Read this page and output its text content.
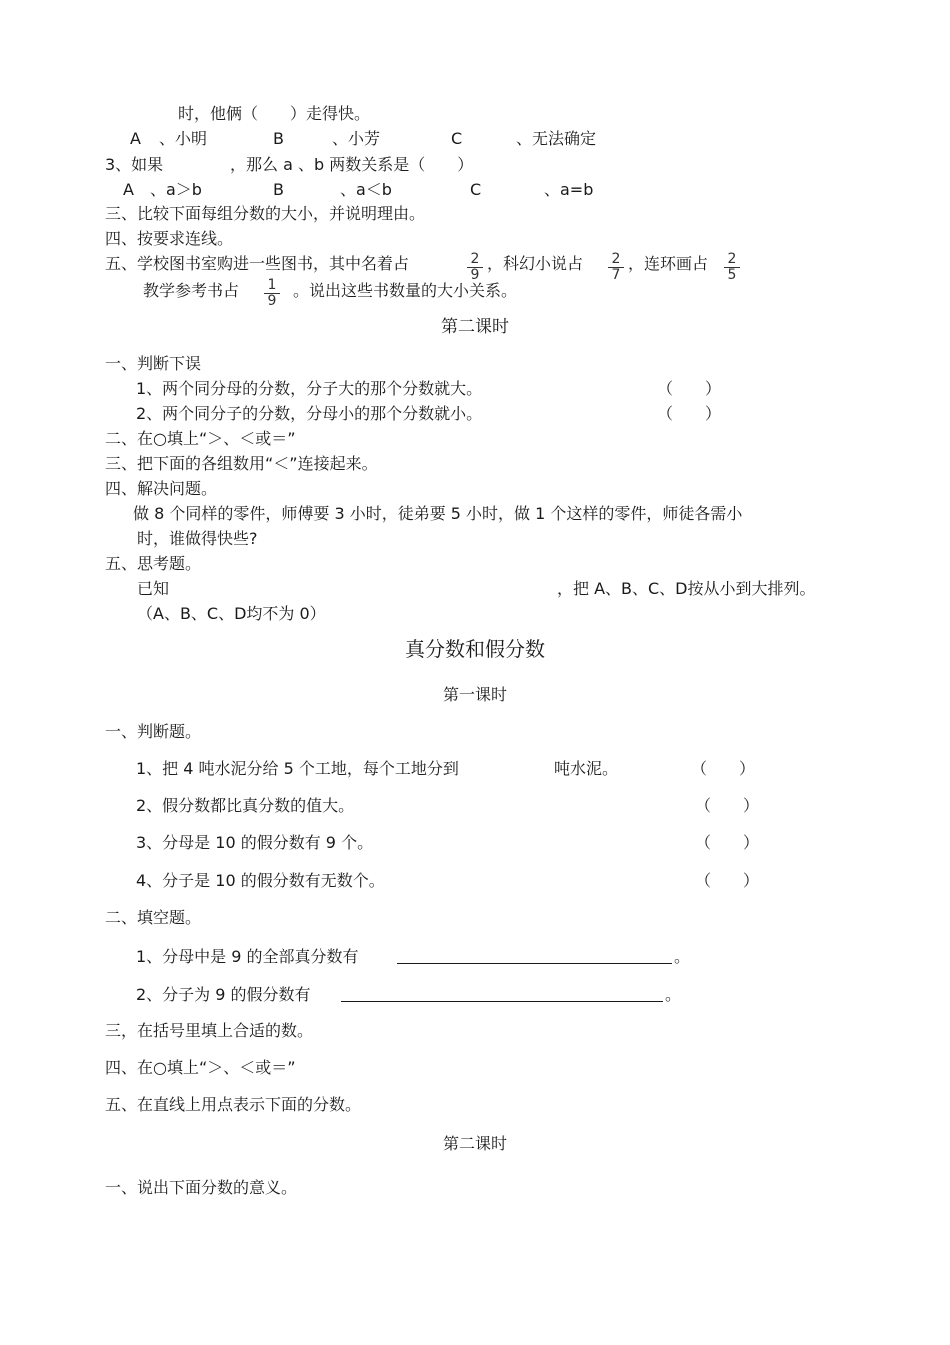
时，他俩（　　）走得快。
A 、小明	B	、小芳	C	、无法确定
3、如果	，那么 a 、b 两数关系是（　　）
A 、a＞b	B	、a＜b	C	、a=b
三、比较下面每组分数的大小，并说明理由。
四、按要求连线。
五、学校图书室购进一些图书，其中名着占	2
9
，科幻小说占	2
7
，连环画占	2
5
教学参考书占	1
9
。说出这些书数量的大小关系。
第二课时
一、判断下误
1、两个同分母的分数，分子大的那个分数就大。	（　　）
2、两个同分子的分数，分母小的那个分数就小。	（　　）
二、在○填上“＞、＜或＝”
三、把下面的各组数用“＜”连接起来。
四、解决问题。
做 8 个同样的零件，师傅要 3 小时，徒弟要 5 小时，做 1 个这样的零件，师徒各需小
时，谁做得快些?
五、思考题。
已知	，把 A、B、C、D按从小到大排列。
（A、B、C、D均不为 0）
真分数和假分数
第一课时
一、判断题。
1、把 4 吨水泥分给 5 个工地，每个工地分到	吨水泥。	（　　）
2、假分数都比真分数的值大。	（　　）
3、分母是 10 的假分数有 9 个。	（　　）
4、分子是 10 的假分数有无数个。	（　　）
二、填空题。
1、分母中是 9 的全部真分数有	。
2、分子为 9 的假分数有	。
三，在括号里填上合适的数。
四、在○填上“＞、＜或＝”
五、在直线上用点表示下面的分数。
第二课时
一、说出下面分数的意义。
